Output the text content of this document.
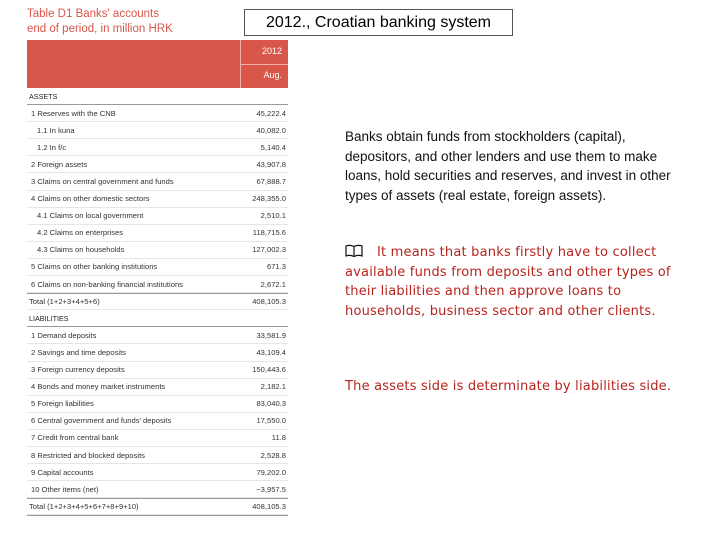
Table D1 Banks' accounts
end of period, in million HRK	2012., Croatian banking system
2012
Aug.
ASSETS
1 Reserves with the CNB	45,222.4
1.1 In kuna	40,082.0
1.2 In f/c	5,140.4
2 Foreign assets	43,907.8
3 Claims on central government and funds	67,888.7
4 Claims on other domestic sectors	248,355.0
4.1 Claims on local government	2,510.1
4.2 Claims on enterprises	118,715.6
4.3 Claims on households	127,002.3
5 Claims on other banking institutions	671.3
6 Claims on non-banking financial institutions	2,672.1
Total (1+2+3+4+5+6)	408,105.3
LIABILITIES
1 Demand deposits	33,581.9
2 Savings and time deposits	43,109.4
3 Foreign currency deposits	150,443.6
4 Bonds and money market instruments	2,182.1
5 Foreign liabilities	83,040.3
6 Central government and funds' deposits	17,550.0
7 Credit from central bank	11.8
8 Restricted and blocked deposits	2,528.8
9 Capital accounts	79,202.0
10 Other items (net)	−3,957.5
Total (1+2+3+4+5+6+7+8+9+10)	408,105.3
Banks obtain funds from stockholders (capital), depositors, and other lenders and use them to make loans, hold securities and reserves, and invest in other types of assets (real estate, foreign assets).
It means that banks firstly have to collect available funds from deposits and other types of their liabilities and then approve loans to households, business sector and other clients.
The assets side is determinate by liabilities side.
